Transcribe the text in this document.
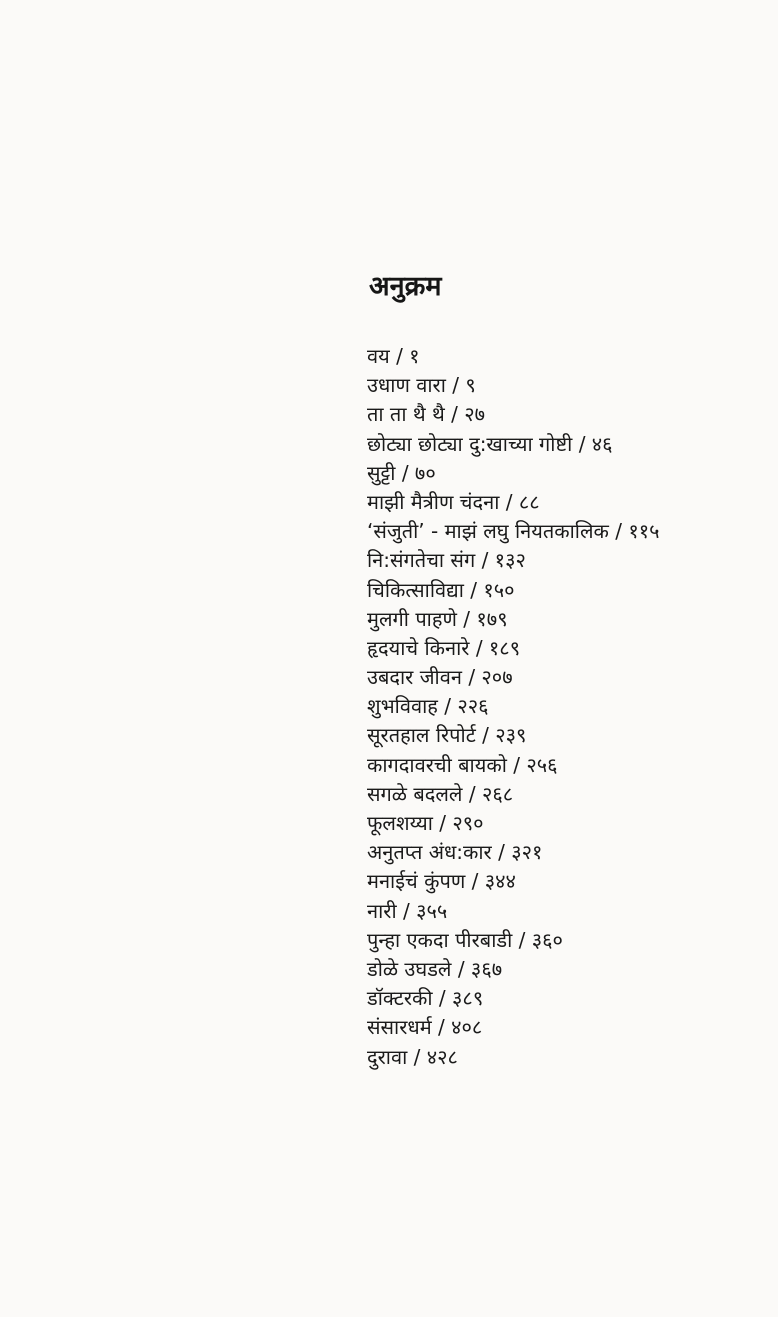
अनुक्रम
वय / १
उधाण वारा / ९
ता ता थै थै / २७
छोट्या छोट्या दु:खाच्या गोष्टी / ४६
सुट्टी / ७०
माझी मैत्रीण चंदना / ८८
‘संजुती’ - माझं लघु नियतकालिक / ११५
नि:संगतेचा संग / १३२
चिकित्साविद्या / १५०
मुलगी पाहणे / १७९
हृदयाचे किनारे / १८९
उबदार जीवन / २०७
शुभविवाह / २२६
सूरतहाल रिपोर्ट / २३९
कागदावरची बायको / २५६
सगळे बदलले / २६८
फूलशय्या / २९०
अनुतप्त अंध:कार / ३२१
मनाईचं कुंपण / ३४४
नारी / ३५५
पुन्हा एकदा पीरबाडी / ३६०
डोळे उघडले / ३६७
डॉक्टरकी / ३८९
संसारधर्म / ४०८
दुरावा / ४२८
